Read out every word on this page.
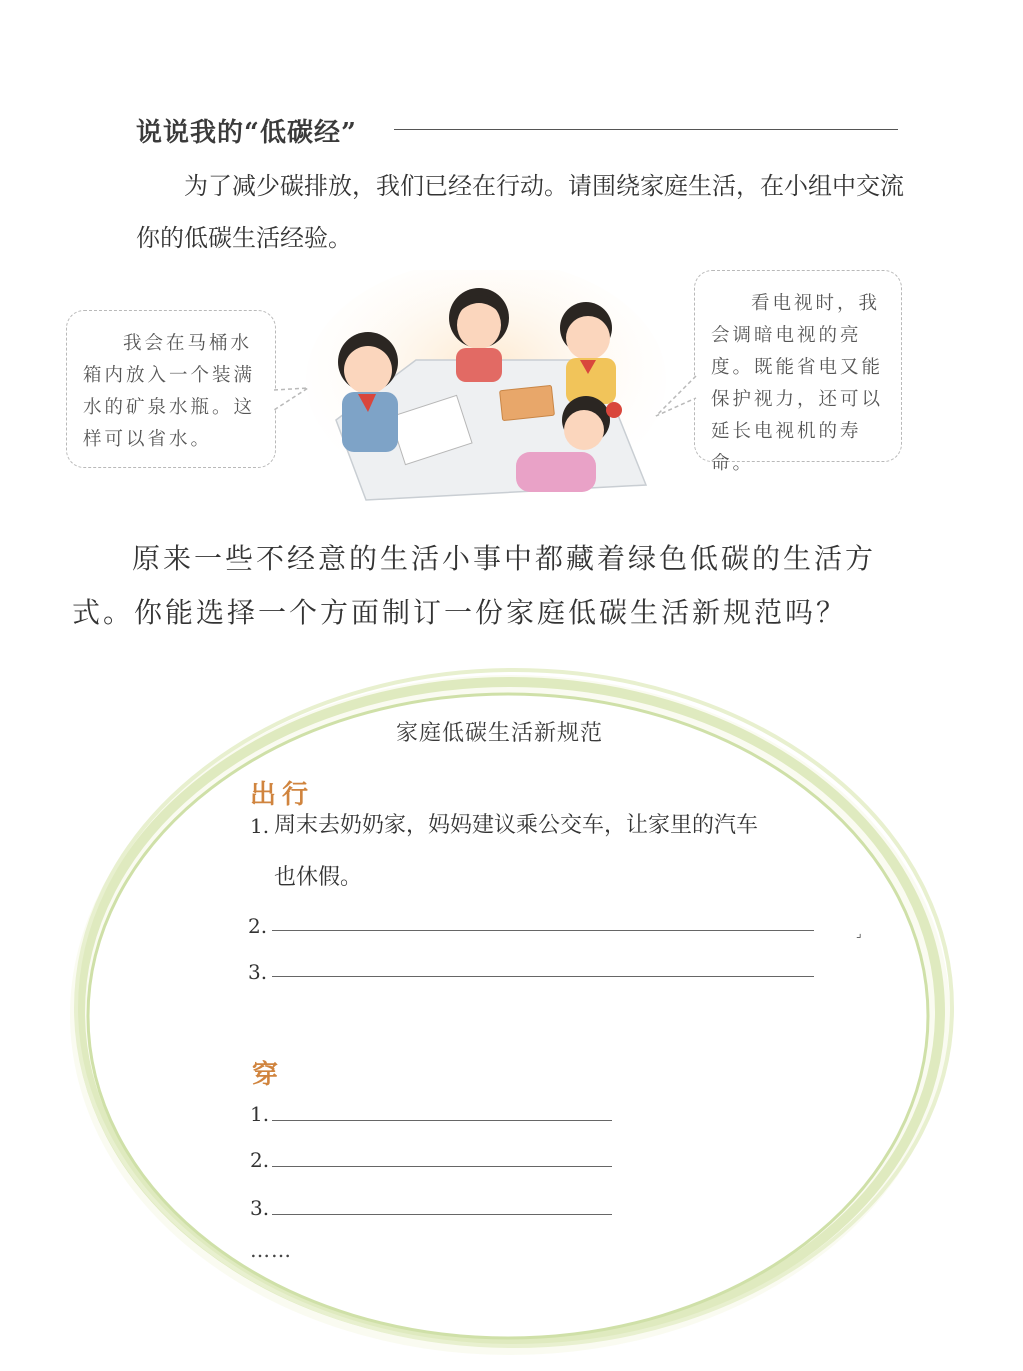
说说我的“低碳经”
为了减少碳排放，我们已经在行动。请围绕家庭生活，在小组中交流你的低碳生活经验。
我会在马桶水箱内放入一个装满水的矿泉水瓶。这样可以省水。
看电视时，我会调暗电视的亮度。既能省电又能保护视力，还可以延长电视机的寿命。
原来一些不经意的生活小事中都藏着绿色低碳的生活方式。你能选择一个方面制订一份家庭低碳生活新规范吗？
家庭低碳生活新规范
出行
1. 周末去奶奶家，妈妈建议乘公交车，让家里的汽车
也休假。
2.
3.
⌟
穿
1.
2.
3.
……
